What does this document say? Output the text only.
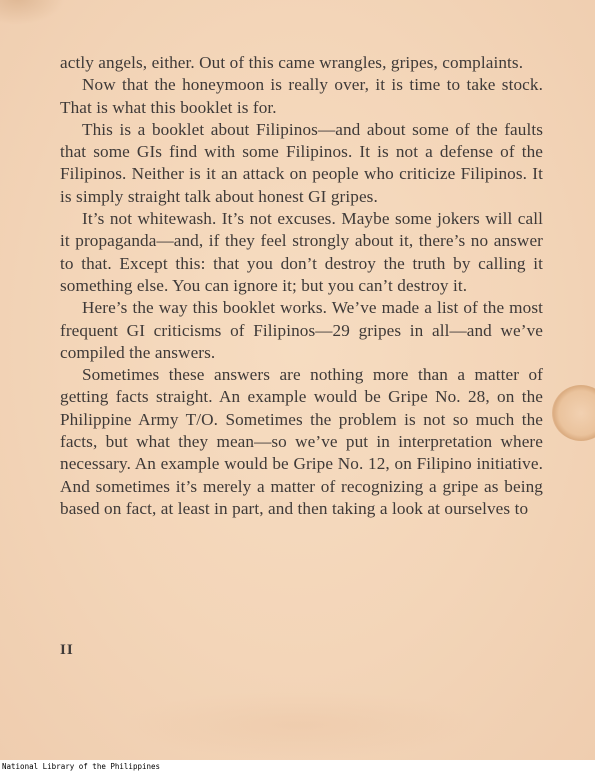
actly angels, either. Out of this came wrangles, gripes, complaints.

Now that the honeymoon is really over, it is time to take stock. That is what this booklet is for.

This is a booklet about Filipinos—and about some of the faults that some GIs find with some Filipinos. It is not a defense of the Filipinos. Neither is it an attack on people who criticize Filipinos. It is simply straight talk about honest GI gripes.

It’s not whitewash. It’s not excuses. Maybe some jokers will call it propaganda—and, if they feel strongly about it, there’s no answer to that. Except this: that you don’t destroy the truth by calling it something else. You can ignore it; but you can’t destroy it.

Here’s the way this booklet works. We’ve made a list of the most frequent GI criticisms of Filipinos—29 gripes in all—and we’ve compiled the answers.

Sometimes these answers are nothing more than a matter of getting facts straight. An example would be Gripe No. 28, on the Philippine Army T/O. Sometimes the problem is not so much the facts, but what they mean—so we’ve put in interpretation where necessary. An example would be Gripe No. 12, on Filipino initiative. And sometimes it’s merely a matter of recognizing a gripe as being based on fact, at least in part, and then taking a look at ourselves to

II
National Library of the Philippines
